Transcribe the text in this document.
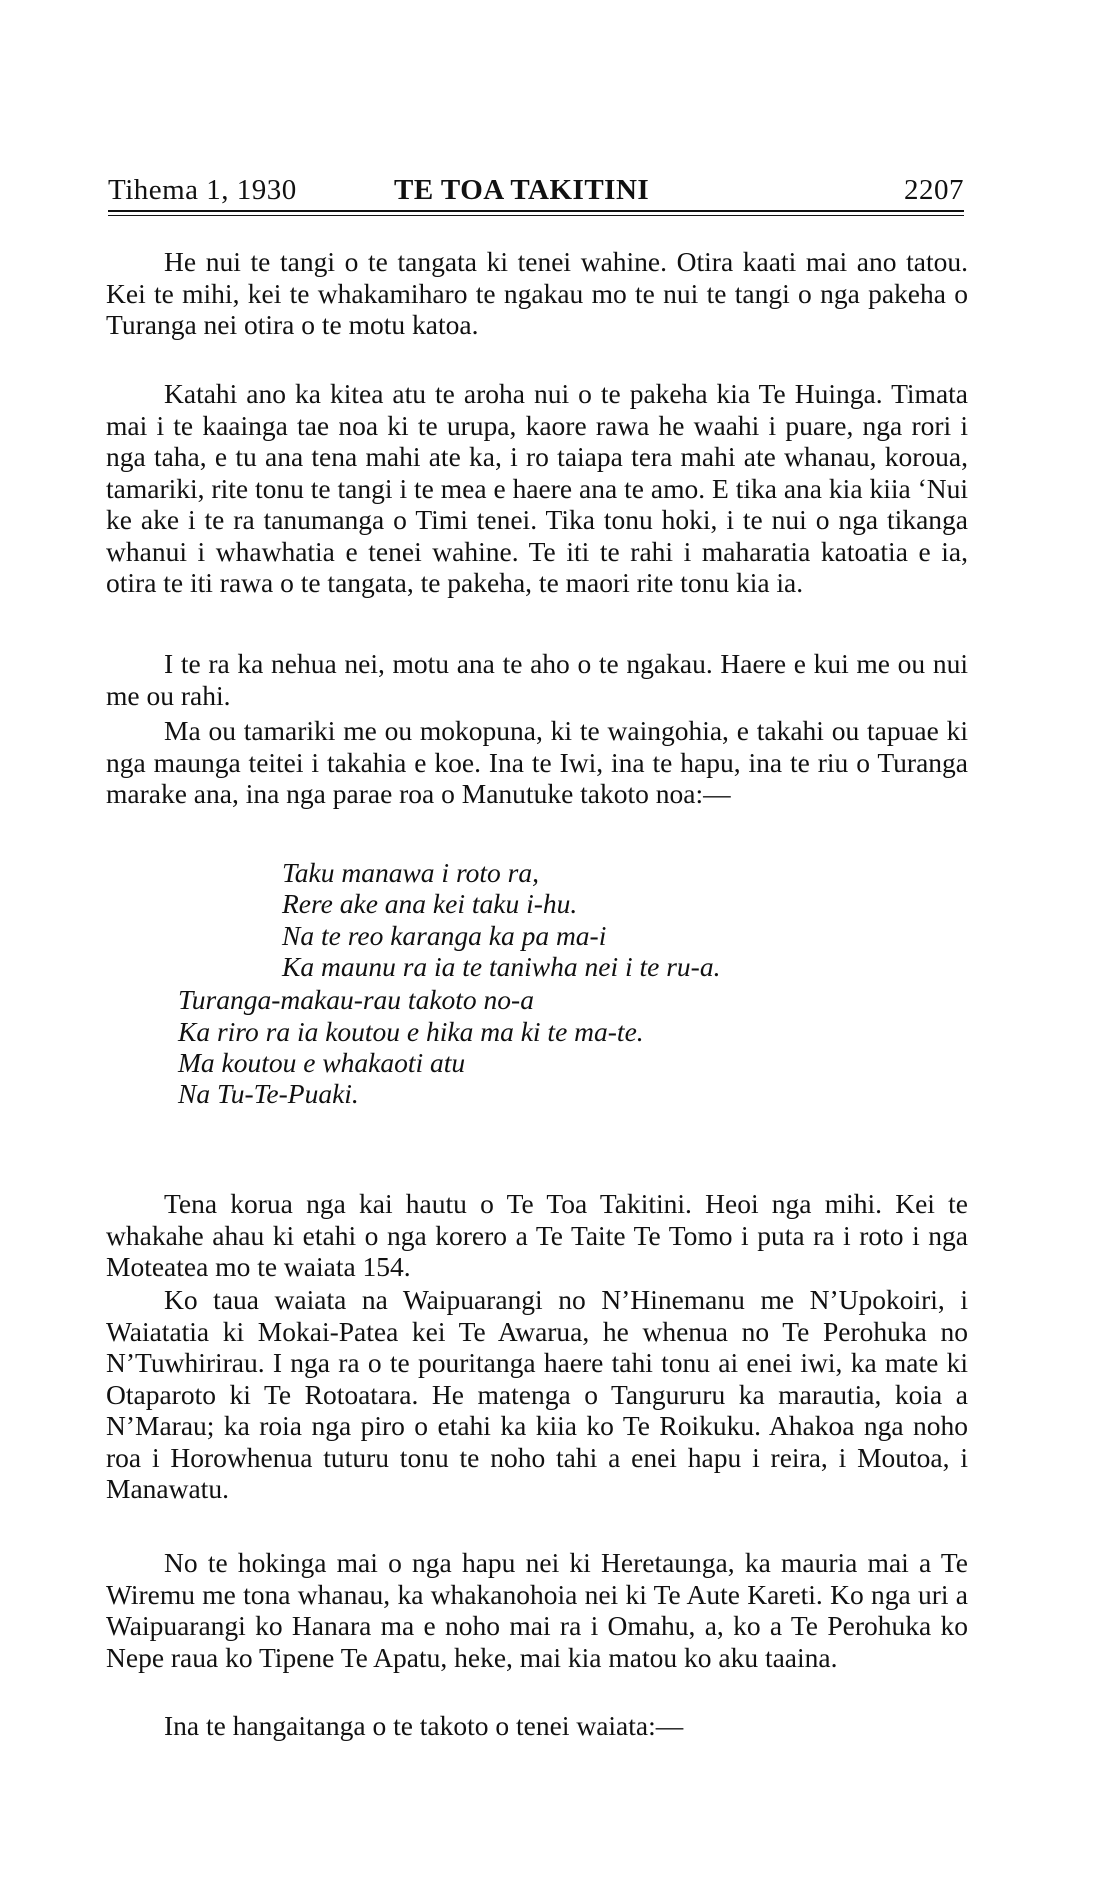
Tihema 1, 1930	TE TOA TAKITINI	2207

He nui te tangi o te tangata ki tenei wahine. Otira kaati mai ano tatou. Kei te mihi, kei te whakamiharo te ngakau mo te nui te tangi o nga pakeha o Turanga nei otira o te motu katoa.

Katahi ano ka kitea atu te aroha nui o te pakeha kia Te Huinga. Timata mai i te kaainga tae noa ki te urupa, kaore rawa he waahi i puare, nga rori i nga taha, e tu ana tena mahi ate ka, i ro taiapa tera mahi ate whanau, koroua, tamariki, rite tonu te tangi i te mea e haere ana te amo. E tika ana kia kiia ‘Nui ke ake i te ra tanumanga o Timi tenei. Tika tonu hoki, i te nui o nga tikanga whanui i whawhatia e tenei wahine. Te iti te rahi i maharatia katoatia e ia, otira te iti rawa o te tangata, te pakeha, te maori rite tonu kia ia.

I te ra ka nehua nei, motu ana te aho o te ngakau. Haere e kui me ou nui me ou rahi.

Ma ou tamariki me ou mokopuna, ki te waingohia, e takahi ou tapuae ki nga maunga teitei i takahia e koe. Ina te Iwi, ina te hapu, ina te riu o Turanga marake ana, ina nga parae roa o Manutuke takoto noa:—

Taku manawa i roto ra,
Rere ake ana kei taku i-hu.
Na te reo karanga ka pa ma-i
Ka maunu ra ia te taniwha nei i te ru-a.
Turanga-makau-rau takoto no-a
Ka riro ra ia koutou e hika ma ki te ma-te.
Ma koutou e whakaoti atu
Na Tu-Te-Puaki.

Tena korua nga kai hautu o Te Toa Takitini. Heoi nga mihi. Kei te whakahe ahau ki etahi o nga korero a Te Taite Te Tomo i puta ra i roto i nga Moteatea mo te waiata 154.

Ko taua waiata na Waipuarangi no N’Hinemanu me N’Upokoiri, i Waiatatia ki Mokai-Patea kei Te Awarua, he whenua no Te Perohuka no N’Tuwhirirau. I nga ra o te pouritanga haere tahi tonu ai enei iwi, ka mate ki Otaparoto ki Te Rotoatara. He matenga o Tangururu ka marautia, koia a N’Marau; ka roia nga piro o etahi ka kiia ko Te Roikuku. Ahakoa nga noho roa i Horowhenua tuturu tonu te noho tahi a enei hapu i reira, i Moutoa, i Manawatu.

No te hokinga mai o nga hapu nei ki Heretaunga, ka mauria mai a Te Wiremu me tona whanau, ka whakanohoia nei ki Te Aute Kareti. Ko nga uri a Waipuarangi ko Hanara ma e noho mai ra i Omahu, a, ko a Te Perohuka ko Nepe raua ko Tipene Te Apatu, heke, mai kia matou ko aku taaina.

Ina te hangaitanga o te takoto o tenei waiata:—
